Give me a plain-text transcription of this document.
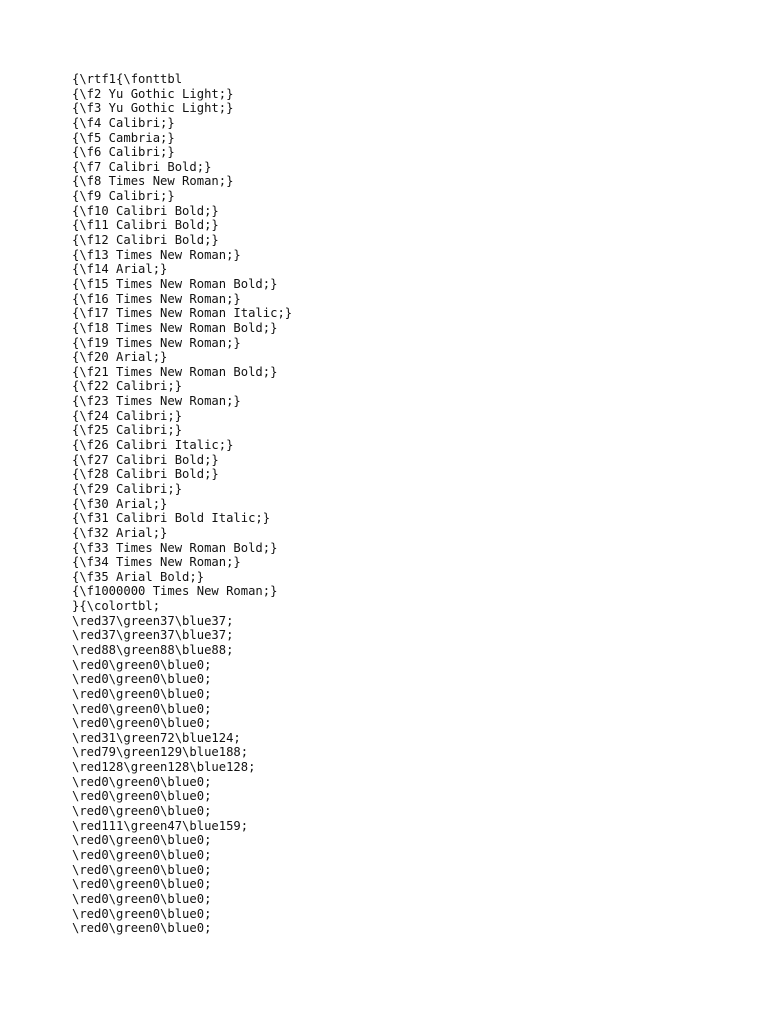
{\rtf1{\fonttbl
{\f2 Yu Gothic Light;}
{\f3 Yu Gothic Light;}
{\f4 Calibri;}
{\f5 Cambria;}
{\f6 Calibri;}
{\f7 Calibri Bold;}
{\f8 Times New Roman;}
{\f9 Calibri;}
{\f10 Calibri Bold;}
{\f11 Calibri Bold;}
{\f12 Calibri Bold;}
{\f13 Times New Roman;}
{\f14 Arial;}
{\f15 Times New Roman Bold;}
{\f16 Times New Roman;}
{\f17 Times New Roman Italic;}
{\f18 Times New Roman Bold;}
{\f19 Times New Roman;}
{\f20 Arial;}
{\f21 Times New Roman Bold;}
{\f22 Calibri;}
{\f23 Times New Roman;}
{\f24 Calibri;}
{\f25 Calibri;}
{\f26 Calibri Italic;}
{\f27 Calibri Bold;}
{\f28 Calibri Bold;}
{\f29 Calibri;}
{\f30 Arial;}
{\f31 Calibri Bold Italic;}
{\f32 Arial;}
{\f33 Times New Roman Bold;}
{\f34 Times New Roman;}
{\f35 Arial Bold;}
{\f1000000 Times New Roman;}
}{\colortbl;
\red37\green37\blue37;
\red37\green37\blue37;
\red88\green88\blue88;
\red0\green0\blue0;
\red0\green0\blue0;
\red0\green0\blue0;
\red0\green0\blue0;
\red0\green0\blue0;
\red31\green72\blue124;
\red79\green129\blue188;
\red128\green128\blue128;
\red0\green0\blue0;
\red0\green0\blue0;
\red0\green0\blue0;
\red111\green47\blue159;
\red0\green0\blue0;
\red0\green0\blue0;
\red0\green0\blue0;
\red0\green0\blue0;
\red0\green0\blue0;
\red0\green0\blue0;
\red0\green0\blue0;
